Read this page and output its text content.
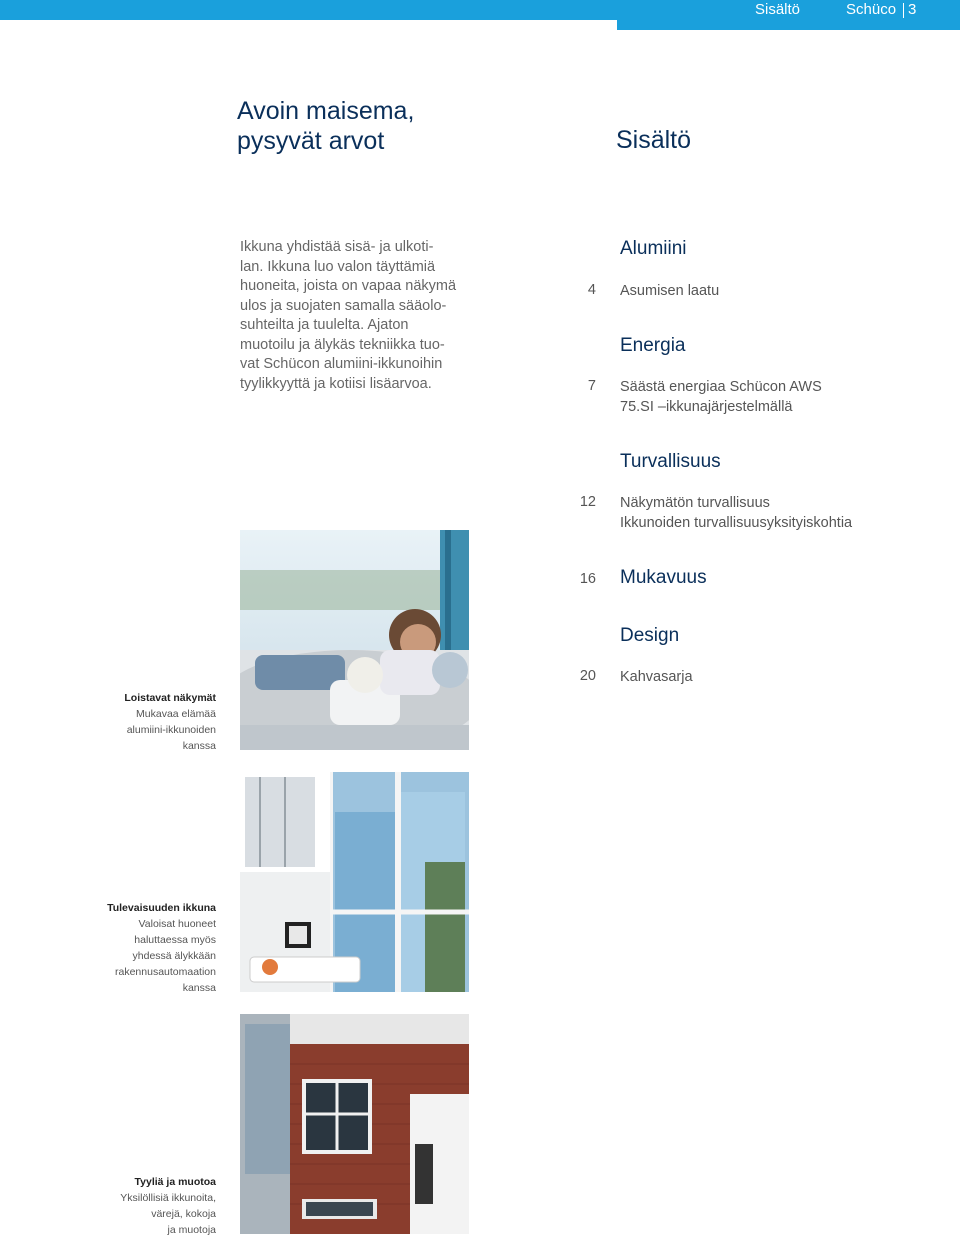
Sisältö	Schüco 3
Avoin maisema,
pysyvät arvot	Sisältö
Ikkuna yhdistää sisä- ja ulkoti-
lan. Ikkuna luo valon täyttämiä
huoneita, joista on vapaa näkymä
ulos ja suojaten samalla sääolo-
suhteilta ja tuulelta. Ajaton
muotoilu ja älykäs tekniikka tuo-
vat Schücon alumiini-ikkunoihin
tyylikkyyttä ja kotiisi lisäarvoa.
Alumiini
4 Asumisen laatu
Energia
7 Säästä energiaa Schücon AWS
75.SI –ikkunajärjestelmällä
Turvallisuus
12 Näkymätön turvallisuus
Ikkunoiden turvallisuusyksityiskohtia
16 Mukavuus
Design
20 Kahvasarja
Loistavat näkymät
Mukavaa elämää
alumiini-ikkunoiden
kanssa
Tulevaisuuden ikkuna
Valoisat huoneet
haluttaessa myös
yhdessä älykkään
rakennusautomaation
kanssa
Tyyliä ja muotoa
Yksilöllisiä ikkunoita,
värejä, kokoja
ja muotoja
